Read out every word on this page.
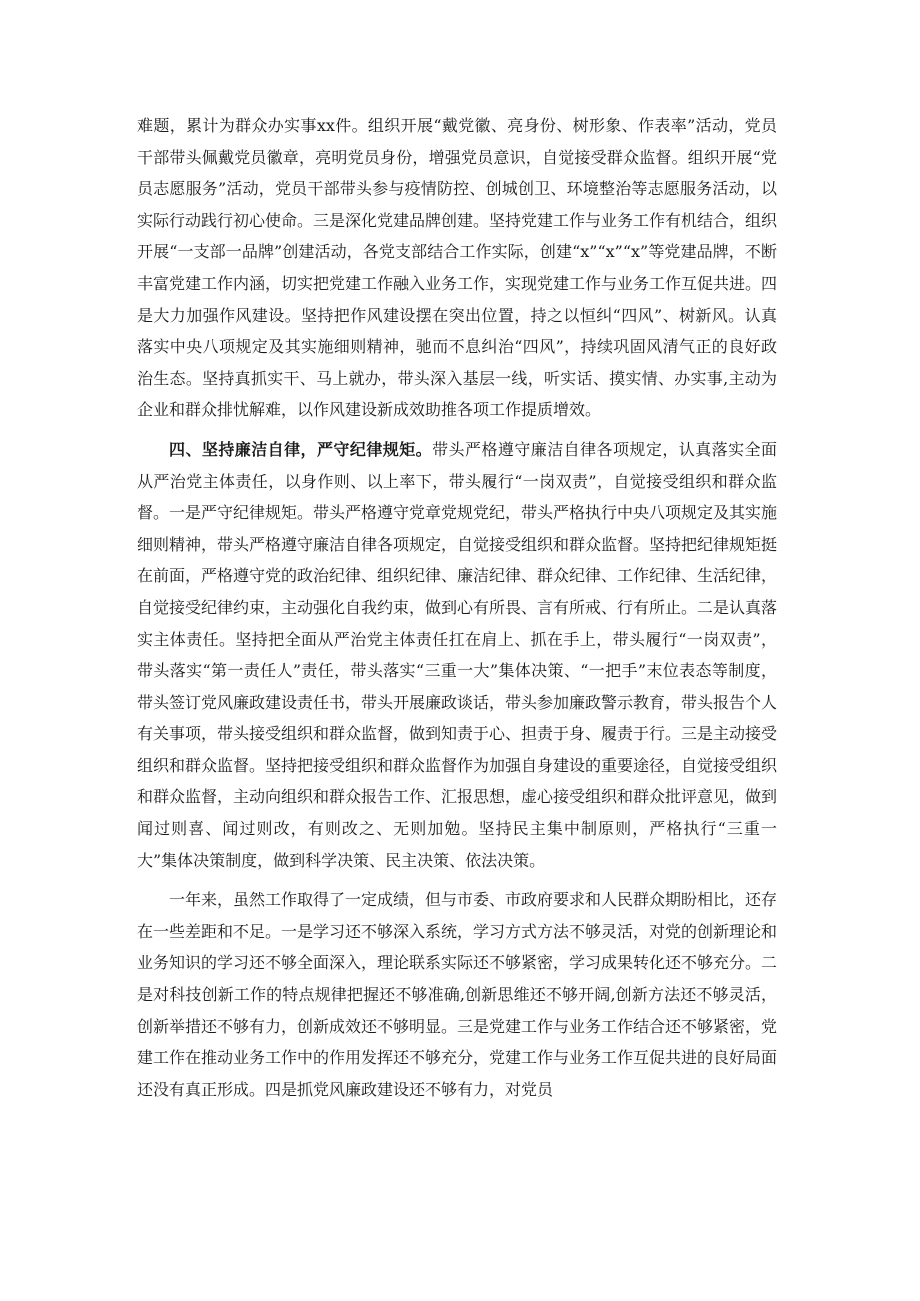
难题，累计为群众办实事xx件。组织开展“戴党徽、亮身份、树形象、作表率”活动，党员干部带头佩戴党员徽章，亮明党员身份，增强党员意识，自觉接受群众监督。组织开展“党员志愿服务”活动，党员干部带头参与疫情防控、创城创卫、环境整治等志愿服务活动，以实际行动践行初心使命。三是深化党建品牌创建。坚持党建工作与业务工作有机结合，组织开展“一支部一品牌”创建活动，各党支部结合工作实际，创建“x”“x”“x”等党建品牌，不断丰富党建工作内涵，切实把党建工作融入业务工作，实现党建工作与业务工作互促共进。四是大力加强作风建设。坚持把作风建设摆在突出位置，持之以恒纠“四风”、树新风。认真落实中央八项规定及其实施细则精神，驰而不息纠治“四风”，持续巩固风清气正的良好政治生态。坚持真抓实干、马上就办，带头深入基层一线，听实话、摸实情、办实事,主动为企业和群众排忧解难，以作风建设新成效助推各项工作提质增效。

四、坚持廉洁自律，严守纪律规矩。带头严格遵守廉洁自律各项规定，认真落实全面从严治党主体责任，以身作则、以上率下，带头履行“一岗双责”，自觉接受组织和群众监督。一是严守纪律规矩。带头严格遵守党章党规党纪，带头严格执行中央八项规定及其实施细则精神，带头严格遵守廉洁自律各项规定，自觉接受组织和群众监督。坚持把纪律规矩挺在前面，严格遵守党的政治纪律、组织纪律、廉洁纪律、群众纪律、工作纪律、生活纪律，自觉接受纪律约束，主动强化自我约束，做到心有所畏、言有所戒、行有所止。二是认真落实主体责任。坚持把全面从严治党主体责任扛在肩上、抓在手上，带头履行“一岗双责”，带头落实“第一责任人”责任，带头落实“三重一大”集体决策、“一把手”末位表态等制度，带头签订党风廉政建设责任书，带头开展廉政谈话，带头参加廉政警示教育，带头报告个人有关事项，带头接受组织和群众监督，做到知责于心、担责于身、履责于行。三是主动接受组织和群众监督。坚持把接受组织和群众监督作为加强自身建设的重要途径，自觉接受组织和群众监督，主动向组织和群众报告工作、汇报思想，虚心接受组织和群众批评意见，做到闻过则喜、闻过则改，有则改之、无则加勉。坚持民主集中制原则，严格执行“三重一大”集体决策制度，做到科学决策、民主决策、依法决策。

一年来，虽然工作取得了一定成绩，但与市委、市政府要求和人民群众期盼相比，还存在一些差距和不足。一是学习还不够深入系统，学习方式方法不够灵活，对党的创新理论和业务知识的学习还不够全面深入，理论联系实际还不够紧密，学习成果转化还不够充分。二是对科技创新工作的特点规律把握还不够准确,创新思维还不够开阔,创新方法还不够灵活，创新举措还不够有力，创新成效还不够明显。三是党建工作与业务工作结合还不够紧密，党建工作在推动业务工作中的作用发挥还不够充分，党建工作与业务工作互促共进的良好局面还没有真正形成。四是抓党风廉政建设还不够有力，对党员
